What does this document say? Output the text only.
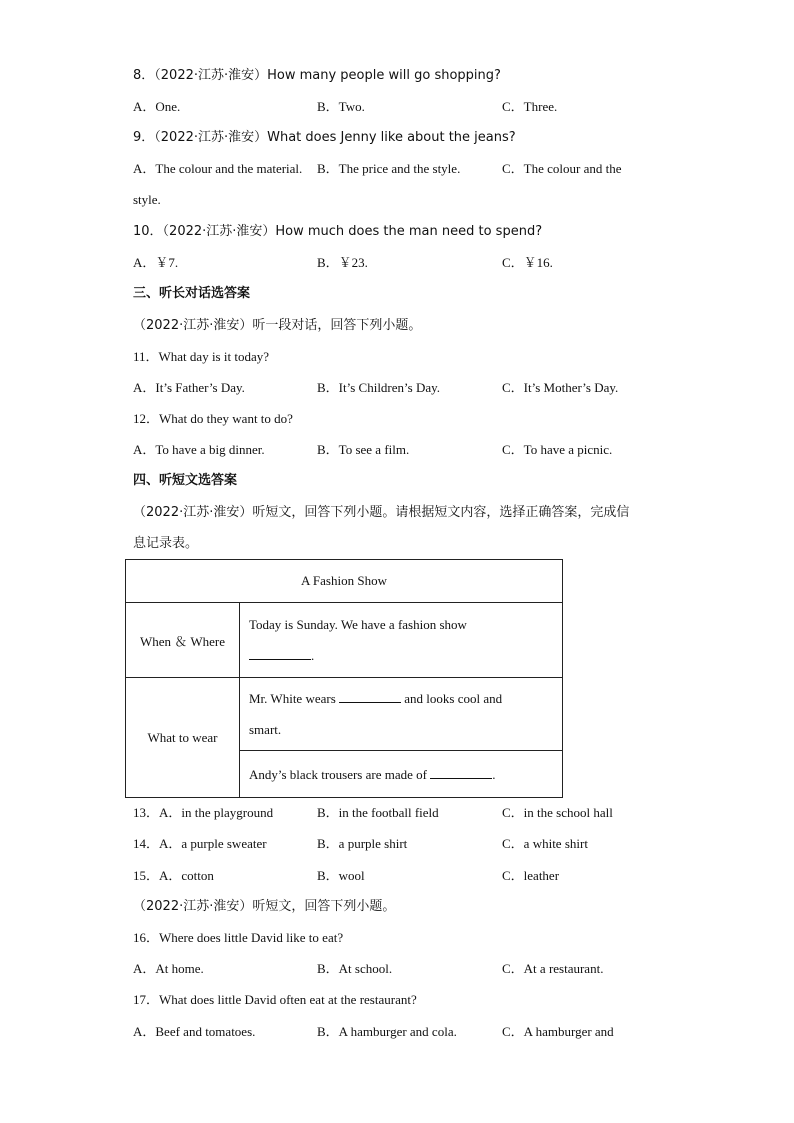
8．（2022·江苏·淮安）How many people will go shopping?
A．One.	B．Two.	C．Three.
9．（2022·江苏·淮安）What does Jenny like about the jeans?
A．The colour and the material. B．The price and the style.	C．The colour and the
style.
10．（2022·江苏·淮安）How much does the man need to spend?
A．￥7.	B．￥23.	C．￥16.
三、听长对话选答案
（2022·江苏·淮安）听一段对话，回答下列小题。
11．What day is it today?
A．It’s Father’s Day.	B．It’s Children’s Day.	C．It’s Mother’s Day.
12．What do they want to do?
A．To have a big dinner.	B．To see a film.	C．To have a picnic.
四、听短文选答案
（2022·江苏·淮安）听短文，回答下列小题。请根据短文内容，选择正确答案，完成信
息记录表。
A Fashion Show	
When ＆ Where	Today is Sunday. We have a fashion show
.
What to wear	Mr. White wears and looks cool and
smart.
	Andy’s black trousers are made of .
13．A．in the playground	B．in the football field	C．in the school hall
14．A．a purple sweater	B．a purple shirt	C．a white shirt
15．A．cotton	B．wool	C．leather
（2022·江苏·淮安）听短文，回答下列小题。
16．Where does little David like to eat?
A．At home.	B．At school.	C．At a restaurant.
17．What does little David often eat at the restaurant?
A．Beef and tomatoes.	B．A hamburger and cola.	C．A hamburger and
